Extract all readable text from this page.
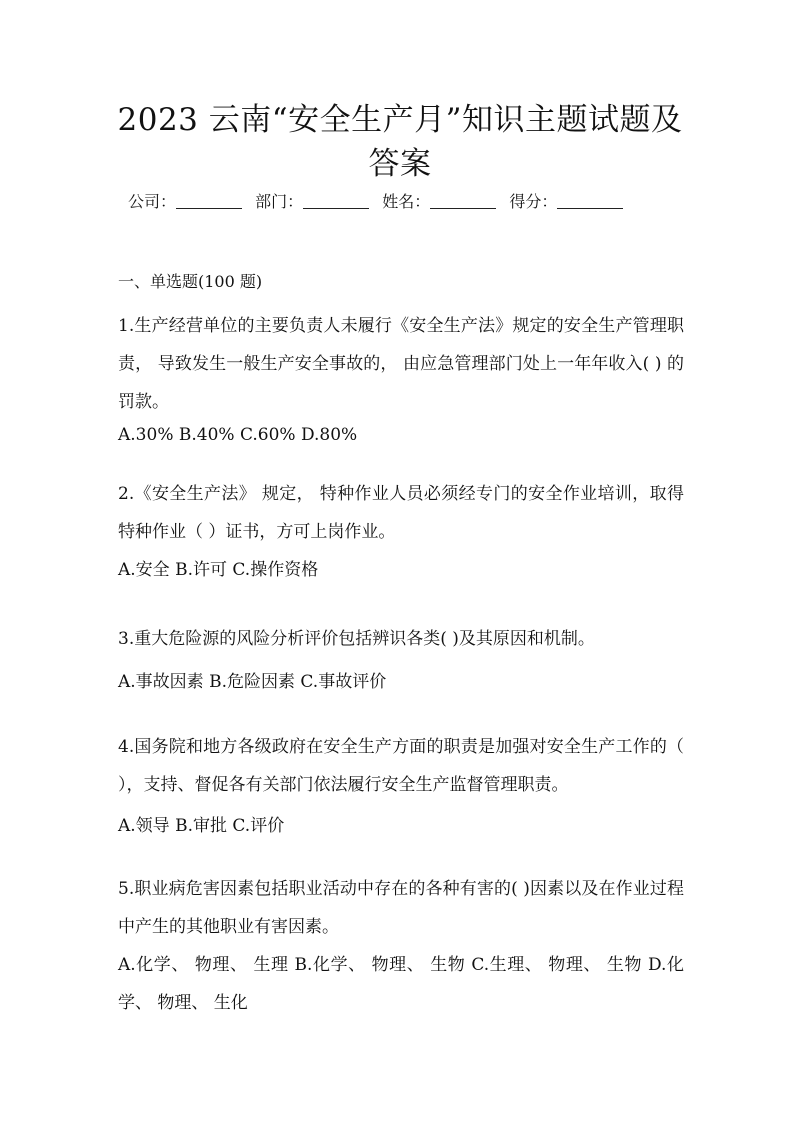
2023 云南“安全生产月”知识主题试题及
答案
公司：	部门：	姓名：	得分：
一、单选题(100 题)

1.生产经营单位的主要负责人未履行《安全生产法》规定的安全生产管理职责， 导致发生一般生产安全事故的， 由应急管理部门处上一年年收入( ) 的罚款。

A.30% B.40% C.60% D.80%

2.《安全生产法》 规定， 特种作业人员必须经专门的安全作业培训，取得特种作业（ ）证书，方可上岗作业。

A.安全 B.许可 C.操作资格

3.重大危险源的风险分析评价包括辨识各类( )及其原因和机制。

A.事故因素 B.危险因素 C.事故评价

4.国务院和地方各级政府在安全生产方面的职责是加强对安全生产工作的（ ），支持、督促各有关部门依法履行安全生产监督管理职责。

A.领导 B.审批 C.评价

5.职业病危害因素包括职业活动中存在的各种有害的( )因素以及在作业过程中产生的其他职业有害因素。

A.化学、 物理、 生理 B.化学、 物理、 生物 C.生理、 物理、 生物 D.化学、 物理、 生化
